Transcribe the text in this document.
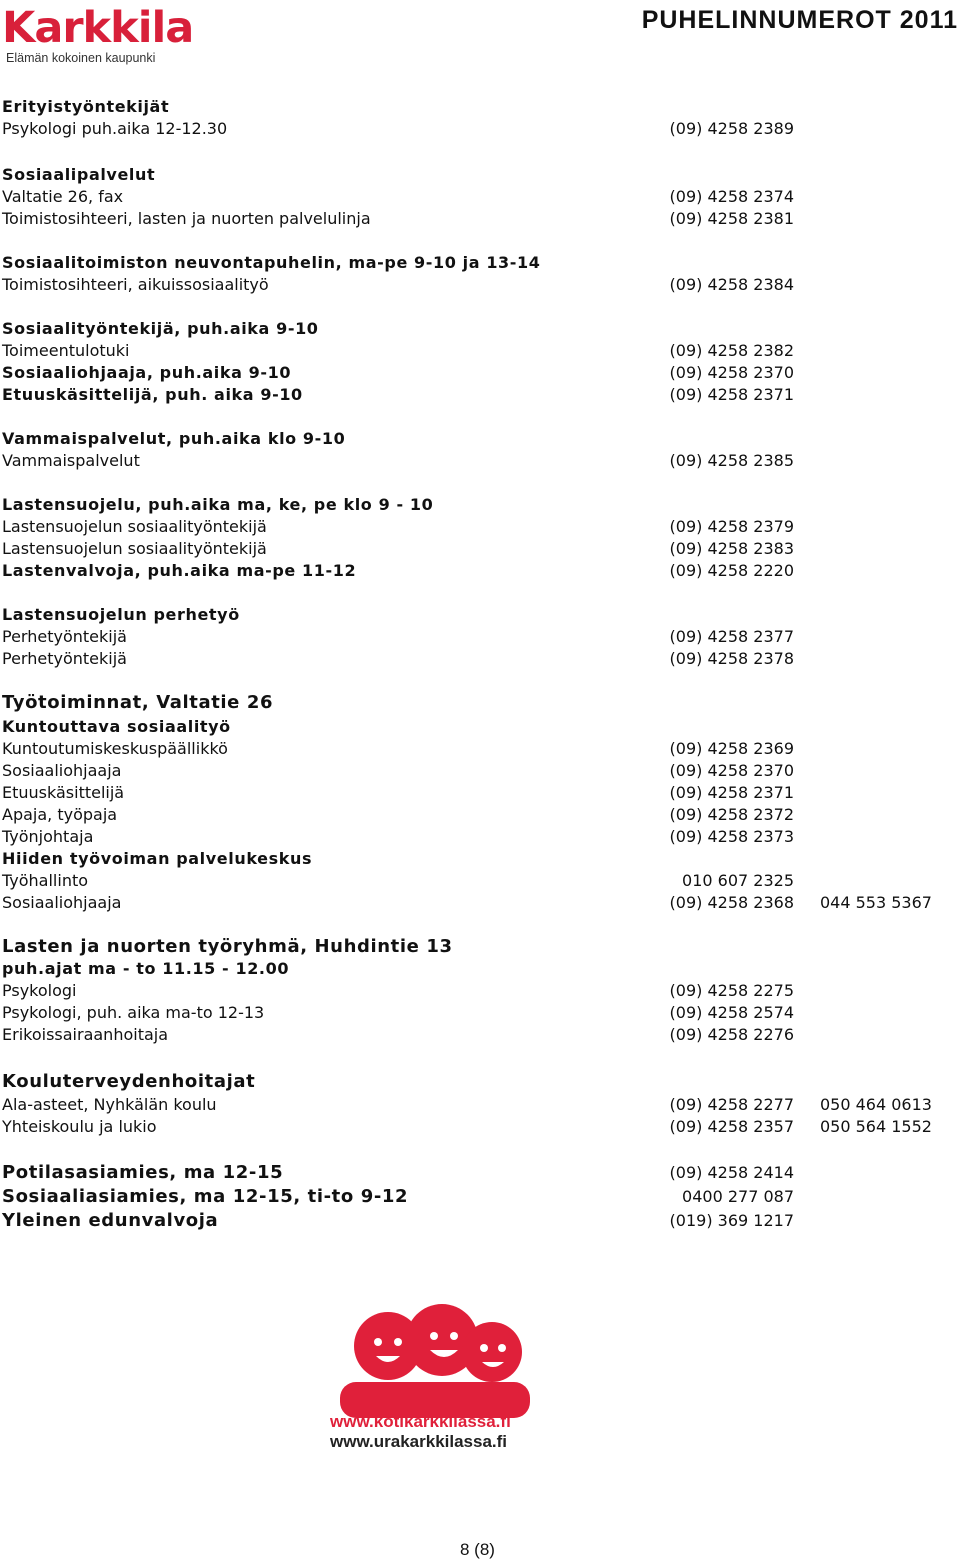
Karkkila
Elämän kokoinen kaupunki
PUHELINNUMEROT 2011
Erityistyöntekijät
Psykologi puh.aika 12-12.30	(09) 4258 2389
Sosiaalipalvelut
Valtatie 26, fax	(09) 4258 2374
Toimistosihteeri, lasten ja nuorten palvelulinja	(09) 4258 2381
Sosiaalitoimiston neuvontapuhelin, ma-pe 9-10 ja 13-14
Toimistosihteeri, aikuissosiaalityö	(09) 4258 2384
Sosiaalityöntekijä, puh.aika 9-10
Toimeentulotuki	(09) 4258 2382
Sosiaaliohjaaja, puh.aika 9-10	(09) 4258 2370
Etuuskäsittelijä, puh. aika 9-10	(09) 4258 2371
Vammaispalvelut, puh.aika klo 9-10
Vammaispalvelut	(09) 4258 2385
Lastensuojelu, puh.aika ma, ke, pe klo 9 - 10
Lastensuojelun sosiaalityöntekijä	(09) 4258 2379
Lastensuojelun sosiaalityöntekijä	(09) 4258 2383
Lastenvalvoja, puh.aika ma-pe 11-12	(09) 4258 2220
Lastensuojelun perhetyö
Perhetyöntekijä	(09) 4258 2377
Perhetyöntekijä	(09) 4258 2378
Työtoiminnat, Valtatie 26
Kuntouttava sosiaalityö
Kuntoutumiskeskuspäällikkö	(09) 4258 2369
Sosiaaliohjaaja	(09) 4258 2370
Etuuskäsittelijä	(09) 4258 2371
Apaja, työpaja	(09) 4258 2372
Työnjohtaja	(09) 4258 2373
Hiiden työvoiman palvelukeskus
Työhallinto	010 607 2325
Sosiaaliohjaaja	(09) 4258 2368 044 553 5367
Lasten ja nuorten työryhmä, Huhdintie 13
puh.ajat ma - to 11.15 - 12.00
Psykologi	(09) 4258 2275
Psykologi, puh. aika ma-to 12-13	(09) 4258 2574
Erikoissairaanhoitaja	(09) 4258 2276
Kouluterveydenhoitajat
Ala-asteet, Nyhkälän koulu	(09) 4258 2277 050 464 0613
Yhteiskoulu ja lukio	(09) 4258 2357 050 564 1552
Potilasasiamies, ma 12-15	(09) 4258 2414
Sosiaaliasiamies, ma 12-15, ti-to 9-12	0400 277 087
Yleinen edunvalvoja	(019) 369 1217
www.kotikarkkilassa.fi
www.urakarkkilassa.fi
8 (8)
